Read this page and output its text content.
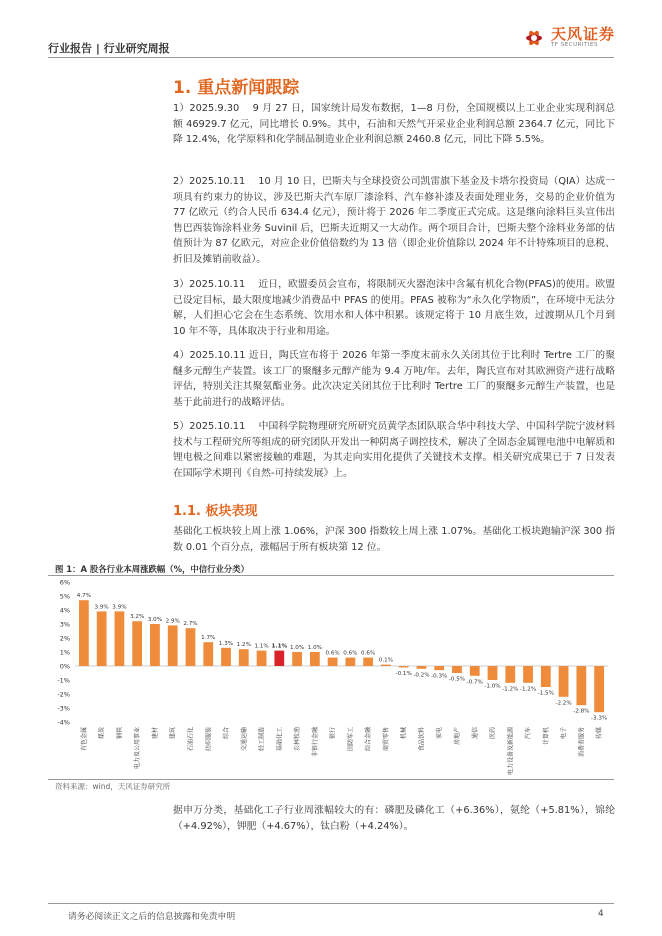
行业报告 | 行业研究周报
天风证券
TF SECURITIES
1. 重点新闻跟踪

1）2025.9.30　 9 月 27 日，国家统计局发布数据，1—8 月份，全国规模以上工业企业实现利润总额 46929.7 亿元，同比增长 0.9%。其中，石油和天然气开采业企业利润总额 2364.7 亿元，同比下降 12.4%，化学原料和化学制品制造业企业利润总额 2460.8 亿元，同比下降 5.5%。

2）2025.10.11　 10 月 10 日，巴斯夫与全球投资公司凯雷旗下基金及卡塔尔投资局（QIA）达成一项具有约束力的协议，涉及巴斯夫汽车原厂漆涂料、汽车修补漆及表面处理业务，交易的企业价值为 77 亿欧元（约合人民币 634.4 亿元），预计将于 2026 年二季度正式完成。这是继向涂料巨头宣伟出售巴西装饰涂料业务 Suvinil 后，巴斯夫近期又一大动作。两个项目合计，巴斯夫整个涂料业务部的估值预计为 87 亿欧元，对应企业价值倍数约为 13 倍（即企业价值除以 2024 年不计特殊项目的息税、折旧及摊销前收益）。

3）2025.10.11　 近日，欧盟委员会宣布，将限制灭火器泡沫中含氟有机化合物(PFAS)的使用。欧盟已设定目标，最大限度地减少消费品中 PFAS 的使用。PFAS 被称为“永久化学物质”，在环境中无法分解，人们担心它会在生态系统、饮用水和人体中积累。该规定将于 10 月底生效，过渡期从几个月到 10 年不等，具体取决于行业和用途。

4）2025.10.11 近日，陶氏宣布将于 2026 年第一季度末前永久关闭其位于比利时 Tertre 工厂的聚醚多元醇生产装置。该工厂的聚醚多元醇产能为 9.4 万吨/年。去年，陶氏宣布对其欧洲资产进行战略评估，特别关注其聚氨酯业务。此次决定关闭其位于比利时 Tertre 工厂的聚醚多元醇生产装置，也是基于此前进行的战略评估。

5）2025.10.11　 中国科学院物理研究所研究员黄学杰团队联合华中科技大学、中国科学院宁波材料技术与工程研究所等组成的研究团队开发出一种阴离子调控技术，解决了全固态金属锂电池中电解质和锂电极之间难以紧密接触的难题，为其走向实用化提供了关键技术支撑。相关研究成果已于 7 日发表在国际学术期刊《自然-可持续发展》上。

1.1. 板块表现

基础化工板块较上周上涨 1.06%，沪深 300 指数较上周上涨 1.07%。基础化工板块跑输沪深 300 指数 0.01 个百分点，涨幅居于所有板块第 12 位。

图 1：A 股各行业本周涨跌幅（%，中信行业分类）
6%
5%
4%
3%
2%
1%
0%
-1%
-2%
-3%
-4%
4.7%
3.9% 3.9%
3.2% 3.0% 2.9% 2.7%
1.7%
1.3% 1.2% 1.1% 1.1% 1.0% 1.0%
0.6% 0.6% 0.6%
0.1%
-0.1% -0.2% -0.3% -0.5% -0.7%
-1.0% -1.2% -1.2%
-1.5%
-2.2%
-2.8%
-3.3%
有色金属 煤炭 钢铁 电力及公用事业 建材 建筑 石油石化 纺织服装 综合 交通运输 轻工制造 基础化工 农林牧渔 非银行金融 银行 国防军工 综合金融 商贸零售 机械 食品饮料 家电 房地产 通信 医药 电力设备及新能源 汽车 计算机 电子 消费者服务 传媒
资料来源：wind，天风证券研究所

据申万分类，基础化工子行业周涨幅较大的有：磷肥及磷化工（+6.36%），氨纶（+5.81%），锦纶（+4.92%），钾肥（+4.67%），钛白粉（+4.24%）。

请务必阅读正文之后的信息披露和免责申明	4
